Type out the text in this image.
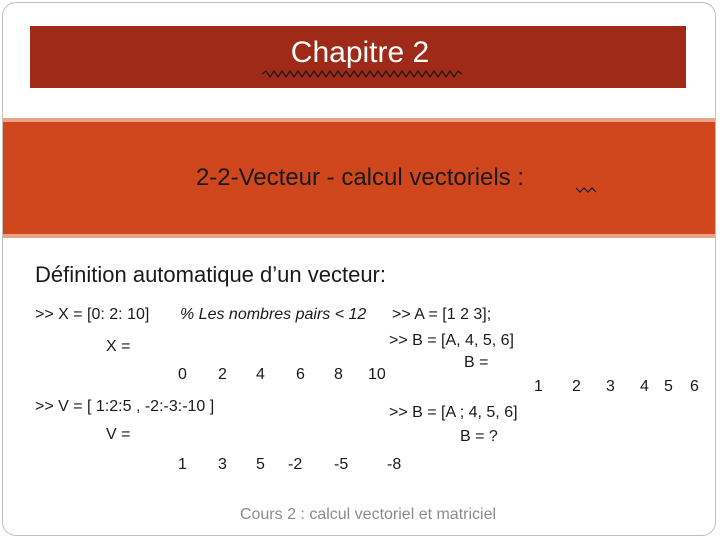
Chapitre 2
2-2-Vecteur - calcul vectoriels :
Définition automatique d’un vecteur:
>> X = [0: 2: 10] % Les nombres pairs < 12
X =
0 2 4 6 8 10
>> V = [ 1:2:5 , -2:-3:-10 ]
V =
1 3 5 -2 -5 -8
>> A = [1 2 3];
>> B = [A, 4, 5, 6]
B =
1 2 3 4 5 6
>> B = [A ; 4, 5, 6]
B = ?
Cours 2 : calcul vectoriel et matriciel
